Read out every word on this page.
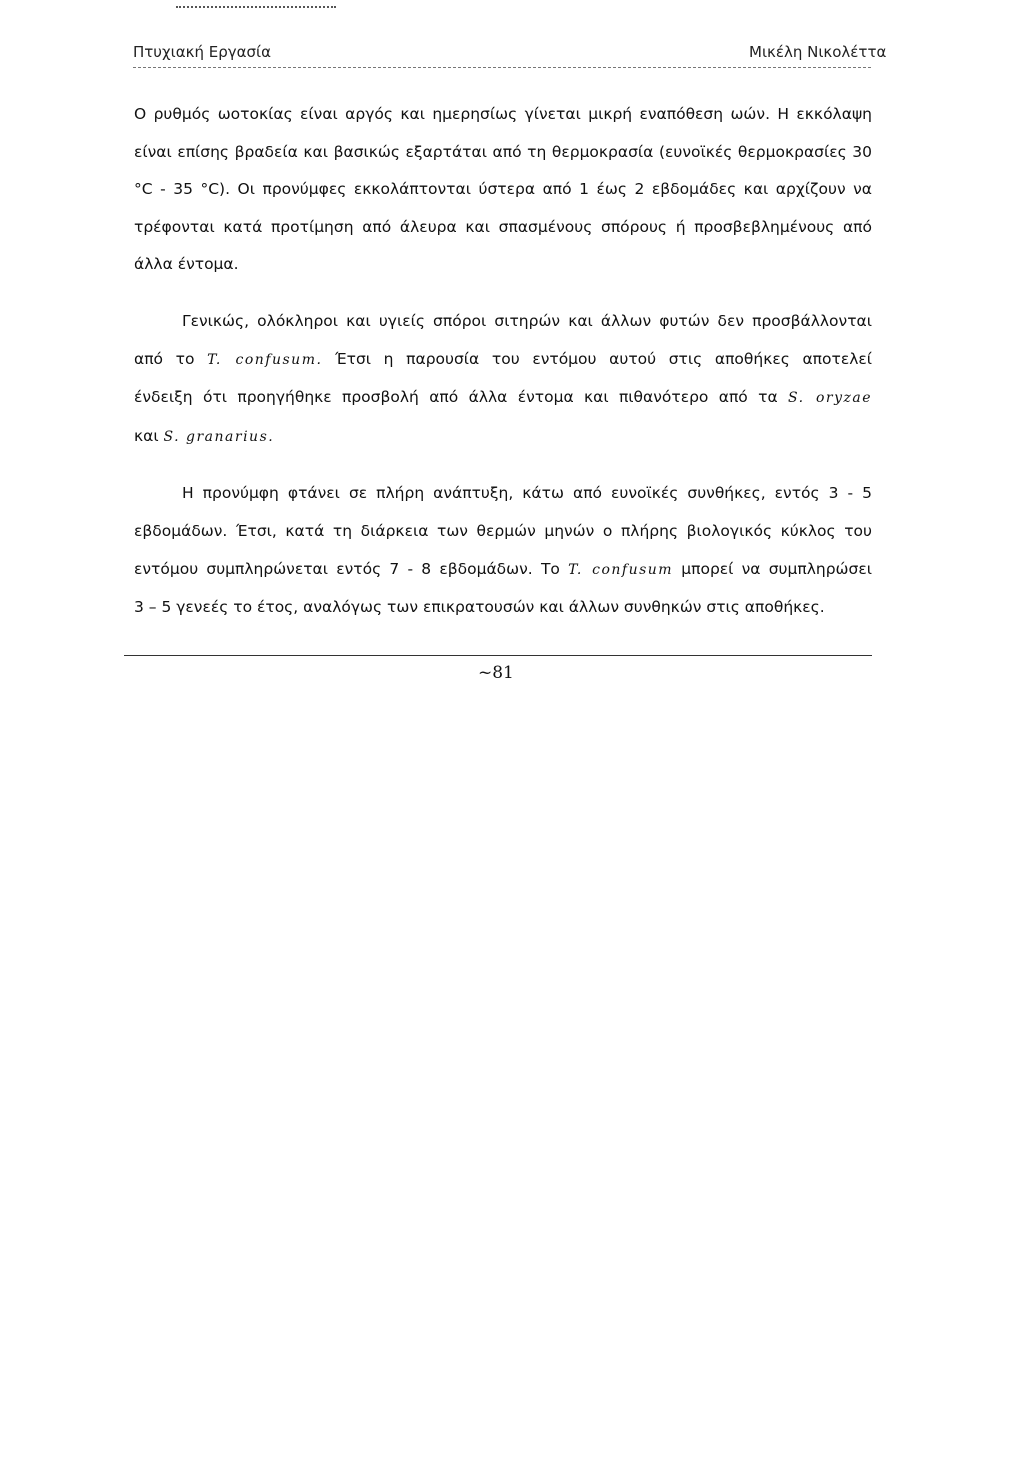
Πτυχιακή Εργασία	Μικέλη Νικολέττα

Ο ρυθμός ωοτοκίας είναι αργός και ημερησίως γίνεται μικρή εναπόθεση ωών. Η εκκόλαψη
είναι επίσης βραδεία και βασικώς εξαρτάται από τη θερμοκρασία (ευνοϊκές θερμοκρασίες 30
°C - 35 °C). Οι προνύμφες εκκολάπτονται ύστερα από 1 έως 2 εβδομάδες και αρχίζουν να
τρέφονται κατά προτίμηση από άλευρα και σπασμένους σπόρους ή προσβεβλημένους από
άλλα έντομα.

Γενικώς, ολόκληροι και υγιείς σπόροι σιτηρών και άλλων φυτών δεν προσβάλλονται
από το T. confusum. Έτσι η παρουσία του εντόμου αυτού στις αποθήκες αποτελεί
ένδειξη ότι προηγήθηκε προσβολή από άλλα έντομα και πιθανότερο από τα S. oryzae
και S. granarius.

Η προνύμφη φτάνει σε πλήρη ανάπτυξη, κάτω από ευνοϊκές συνθήκες, εντός 3 - 5
εβδομάδων. Έτσι, κατά τη διάρκεια των θερμών μηνών ο πλήρης βιολογικός κύκλος του
εντόμου συμπληρώνεται εντός 7 - 8 εβδομάδων. Το T. confusum μπορεί να συμπληρώσει
3 – 5 γενεές το έτος, αναλόγως των επικρατουσών και άλλων συνθηκών στις αποθήκες.

~81
